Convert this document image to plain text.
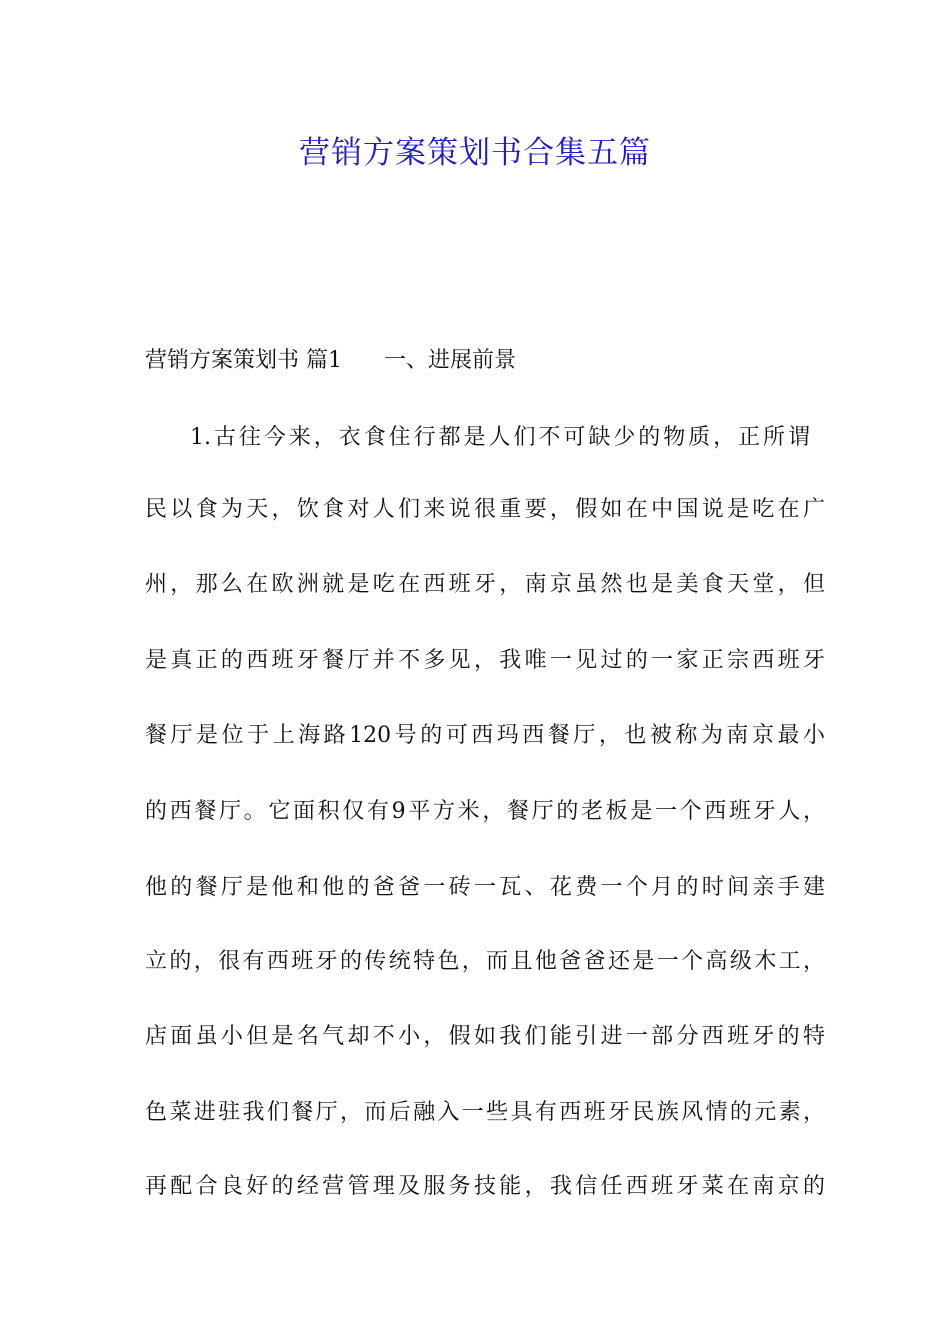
营销方案策划书合集五篇
营销方案策划书 篇1 一、进展前景
1.古往今来，衣食住行都是人们不可缺少的物质，正所谓
民以食为天，饮食对人们来说很重要，假如在中国说是吃在广
州，那么在欧洲就是吃在西班牙，南京虽然也是美食天堂，但
是真正的西班牙餐厅并不多见，我唯一见过的一家正宗西班牙
餐厅是位于上海路120号的可西玛西餐厅，也被称为南京最小
的西餐厅。它面积仅有9平方米，餐厅的老板是一个西班牙人，
他的餐厅是他和他的爸爸一砖一瓦、花费一个月的时间亲手建
立的，很有西班牙的传统特色，而且他爸爸还是一个高级木工，
店面虽小但是名气却不小，假如我们能引进一部分西班牙的特
色菜进驻我们餐厅，而后融入一些具有西班牙民族风情的元素，
再配合良好的经营管理及服务技能，我信任西班牙菜在南京的
